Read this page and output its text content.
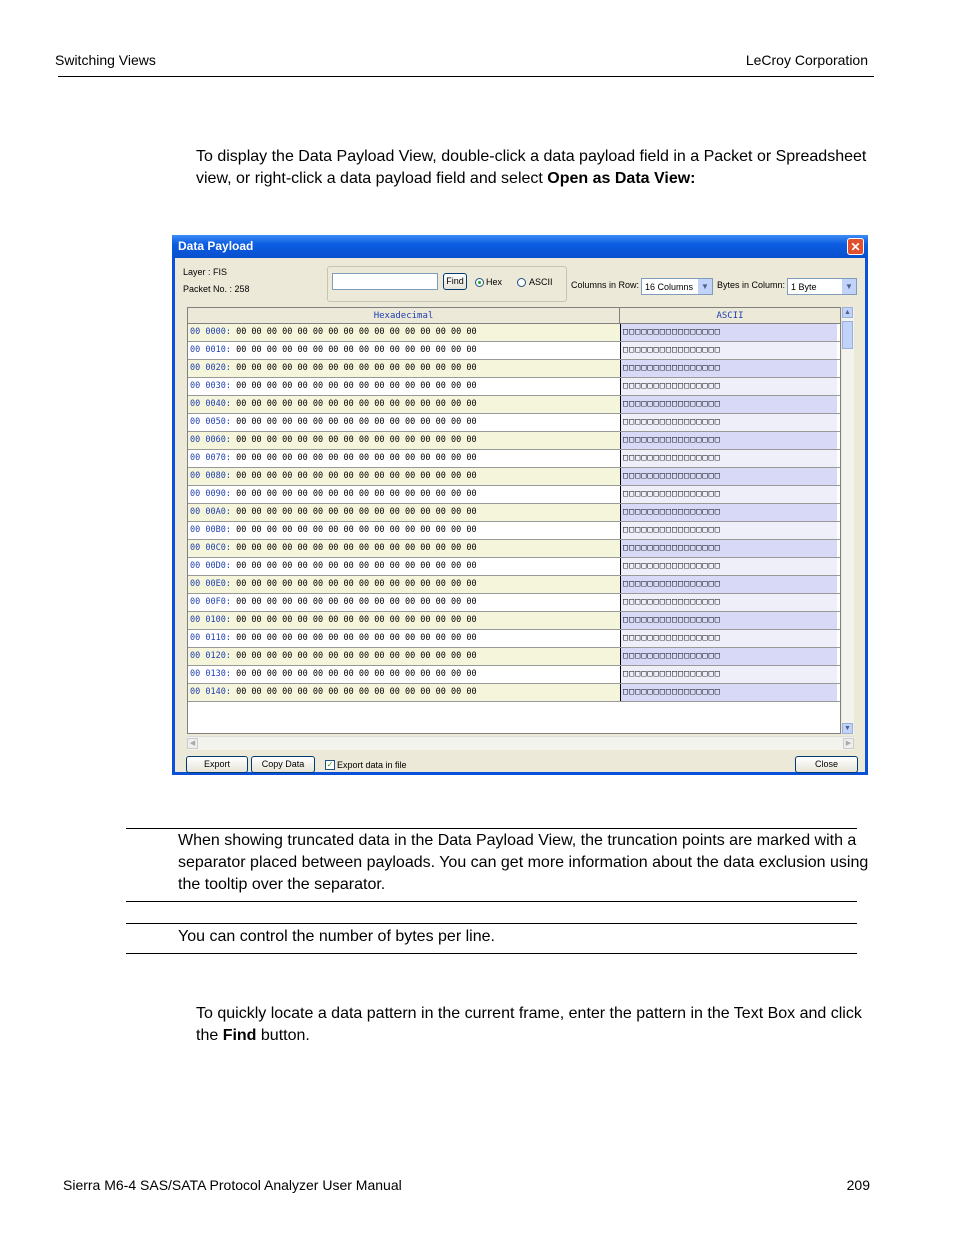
Switching Views	LeCroy Corporation
To display the Data Payload View, double-click a data payload field in a Packet or Spreadsheet view, or right-click a data payload field and select Open as Data View:
Data Payload	✕
Layer : FIS
Packet No. : 258
Find	Hex	ASCII Columns in Row: 16 Columns	▼ Bytes in Column: 1 Byte	▼
Hexadecimal	ASCII
00 0000: 00 00 00 00 00 00 00 00 00 00 00 00 00 00 00 00	□□□□□□□□□□□□□□□□
00 0010: 00 00 00 00 00 00 00 00 00 00 00 00 00 00 00 00	□□□□□□□□□□□□□□□□
00 0020: 00 00 00 00 00 00 00 00 00 00 00 00 00 00 00 00	□□□□□□□□□□□□□□□□
00 0030: 00 00 00 00 00 00 00 00 00 00 00 00 00 00 00 00	□□□□□□□□□□□□□□□□
00 0040: 00 00 00 00 00 00 00 00 00 00 00 00 00 00 00 00	□□□□□□□□□□□□□□□□
00 0050: 00 00 00 00 00 00 00 00 00 00 00 00 00 00 00 00	□□□□□□□□□□□□□□□□
00 0060: 00 00 00 00 00 00 00 00 00 00 00 00 00 00 00 00	□□□□□□□□□□□□□□□□
00 0070: 00 00 00 00 00 00 00 00 00 00 00 00 00 00 00 00	□□□□□□□□□□□□□□□□
00 0080: 00 00 00 00 00 00 00 00 00 00 00 00 00 00 00 00	□□□□□□□□□□□□□□□□
00 0090: 00 00 00 00 00 00 00 00 00 00 00 00 00 00 00 00	□□□□□□□□□□□□□□□□
00 00A0: 00 00 00 00 00 00 00 00 00 00 00 00 00 00 00 00	□□□□□□□□□□□□□□□□
00 00B0: 00 00 00 00 00 00 00 00 00 00 00 00 00 00 00 00	□□□□□□□□□□□□□□□□
00 00C0: 00 00 00 00 00 00 00 00 00 00 00 00 00 00 00 00	□□□□□□□□□□□□□□□□
00 00D0: 00 00 00 00 00 00 00 00 00 00 00 00 00 00 00 00	□□□□□□□□□□□□□□□□
00 00E0: 00 00 00 00 00 00 00 00 00 00 00 00 00 00 00 00	□□□□□□□□□□□□□□□□
00 00F0: 00 00 00 00 00 00 00 00 00 00 00 00 00 00 00 00	□□□□□□□□□□□□□□□□
00 0100: 00 00 00 00 00 00 00 00 00 00 00 00 00 00 00 00	□□□□□□□□□□□□□□□□
00 0110: 00 00 00 00 00 00 00 00 00 00 00 00 00 00 00 00	□□□□□□□□□□□□□□□□
00 0120: 00 00 00 00 00 00 00 00 00 00 00 00 00 00 00 00	□□□□□□□□□□□□□□□□
00 0130: 00 00 00 00 00 00 00 00 00 00 00 00 00 00 00 00	□□□□□□□□□□□□□□□□
00 0140: 00 00 00 00 00 00 00 00 00 00 00 00 00 00 00 00	□□□□□□□□□□□□□□□□
▲
▼
◀	▶
Export	Copy Data	✓ Export data in file	Close
When showing truncated data in the Data Payload View, the truncation points are marked with a separator placed between payloads. You can get more information about the data exclusion using the tooltip over the separator.
You can control the number of bytes per line.
To quickly locate a data pattern in the current frame, enter the pattern in the Text Box and click the Find button.
Sierra M6-4 SAS/SATA Protocol Analyzer User Manual	209
